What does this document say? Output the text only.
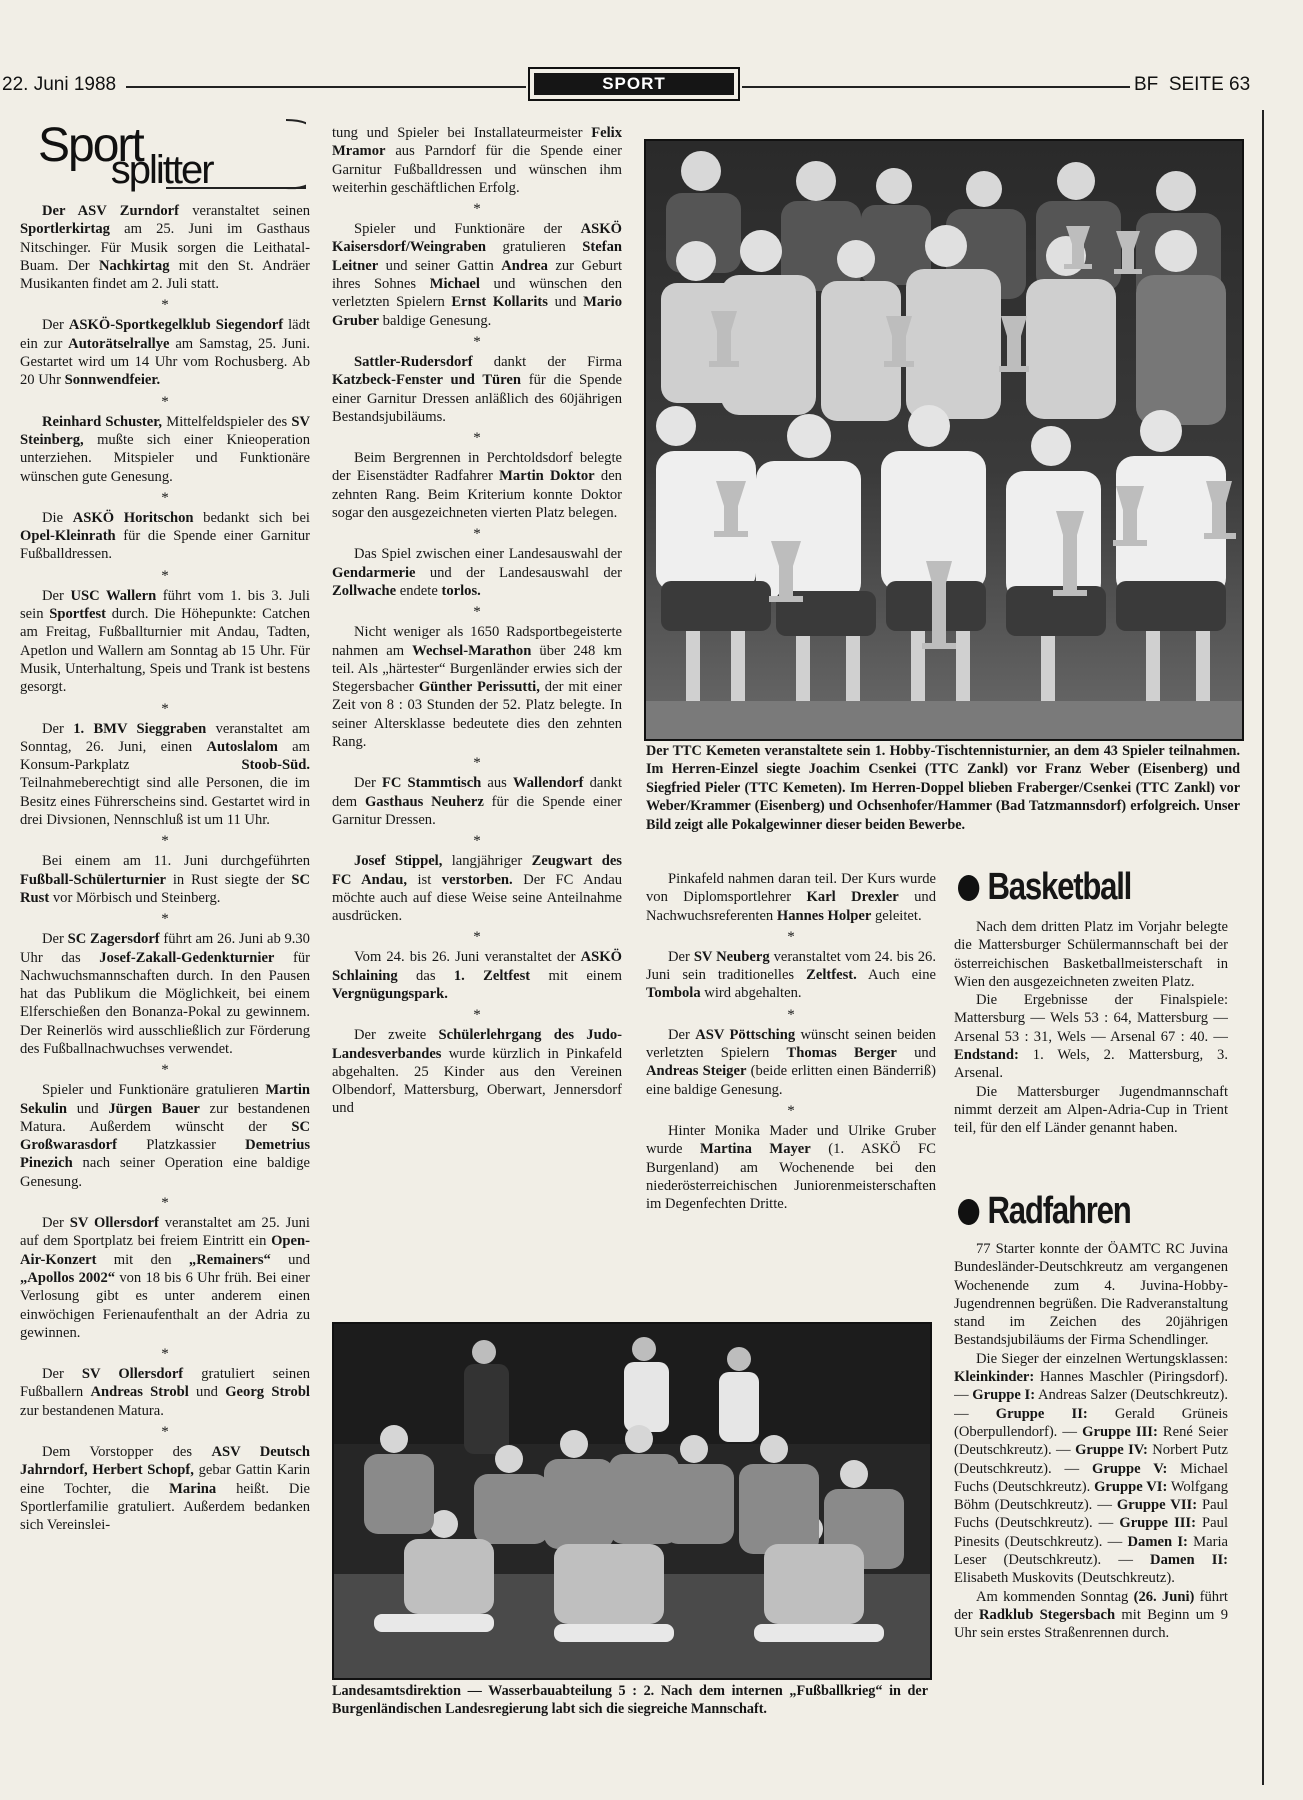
22. Juni 1988	SPORT	BF  SEITE 63
Sport$_{splitter}$

Der ASV Zurndorf veranstaltet seinen Sportlerkirtag am 25. Juni im Gasthaus Nitschinger. Für Musik sorgen die Leithatal-Buam. Der Nachkirtag mit den St. Andräer Musikanten findet am 2. Juli statt.

*

Der ASKÖ-Sportkegelklub Siegendorf lädt ein zur Autorätselrallye am Samstag, 25. Juni. Gestartet wird um 14 Uhr vom Rochusberg. Ab 20 Uhr Sonnwendfeier.

*

Reinhard Schuster, Mittelfeldspieler des SV Steinberg, mußte sich einer Knieoperation unterziehen. Mitspieler und Funktionäre wünschen gute Genesung.

*

Die ASKÖ Horitschon bedankt sich bei Opel-Kleinrath für die Spende einer Garnitur Fußballdressen.

*

Der USC Wallern führt vom 1. bis 3. Juli sein Sportfest durch. Die Höhepunkte: Catchen am Freitag, Fußballturnier mit Andau, Tadten, Apetlon und Wallern am Sonntag ab 15 Uhr. Für Musik, Unterhaltung, Speis und Trank ist bestens gesorgt.

*

Der 1. BMV Sieggraben veranstaltet am Sonntag, 26. Juni, einen Autoslalom am Konsum-Parkplatz Stoob-Süd. Teilnahmeberechtigt sind alle Personen, die im Besitz eines Führerscheins sind. Gestartet wird in drei Divsionen, Nennschluß ist um 11 Uhr.

*

Bei einem am 11. Juni durchgeführten Fußball-Schülerturnier in Rust siegte der SC Rust vor Mörbisch und Steinberg.

*

Der SC Zagersdorf führt am 26. Juni ab 9.30 Uhr das Josef-Zakall-Gedenkturnier für Nachwuchsmannschaften durch. In den Pausen hat das Publikum die Möglichkeit, bei einem Elferschießen den Bonanza-Pokal zu gewinnem. Der Reinerlös wird ausschließlich zur Förderung des Fußballnachwuchses verwendet.

*

Spieler und Funktionäre gratulieren Martin Sekulin und Jürgen Bauer zur bestandenen Matura. Außerdem wünscht der SC Großwarasdorf Platzkassier Demetrius Pinezich nach seiner Operation eine baldige Genesung.

*

Der SV Ollersdorf veranstaltet am 25. Juni auf dem Sportplatz bei freiem Eintritt ein Open-Air-Konzert mit den „Remainers“ und „Apollos 2002“ von 18 bis 6 Uhr früh. Bei einer Verlosung gibt es unter anderem einen einwöchigen Ferienaufenthalt an der Adria zu gewinnen.

*

Der SV Ollersdorf gratuliert seinen Fußballern Andreas Strobl und Georg Strobl zur bestandenen Matura.

*

Dem Vorstopper des ASV Deutsch Jahrndorf, Herbert Schopf, gebar Gattin Karin eine Tochter, die Marina heißt. Die Sportlerfamilie gratuliert. Außerdem bedanken sich Vereinslei-

tung und Spieler bei Installateurmeister Felix Mramor aus Parndorf für die Spende einer Garnitur Fußballdressen und wünschen ihm weiterhin geschäftlichen Erfolg.

*

Spieler und Funktionäre der ASKÖ Kaisersdorf/Weingraben gratulieren Stefan Leitner und seiner Gattin Andrea zur Geburt ihres Sohnes Michael und wünschen den verletzten Spielern Ernst Kollarits und Mario Gruber baldige Genesung.

*

Sattler-Rudersdorf dankt der Firma Katzbeck-Fenster und Türen für die Spende einer Garnitur Dressen anläßlich des 60jährigen Bestandsjubiläums.

*

Beim Bergrennen in Perchtoldsdorf belegte der Eisenstädter Radfahrer Martin Doktor den zehnten Rang. Beim Kriterium konnte Doktor sogar den ausgezeichneten vierten Platz belegen.

*

Das Spiel zwischen einer Landesauswahl der Gendarmerie und der Landesauswahl der Zollwache endete torlos.

*

Nicht weniger als 1650 Radsportbegeisterte nahmen am Wechsel-Marathon über 248 km teil. Als „härtester“ Burgenländer erwies sich der Stegersbacher Günther Perissutti, der mit einer Zeit von 8 : 03 Stunden der 52. Platz belegte. In seiner Altersklasse bedeutete dies den zehnten Rang.

*

Der FC Stammtisch aus Wallendorf dankt dem Gasthaus Neuherz für die Spende einer Garnitur Dressen.

*

Josef Stippel, langjähriger Zeugwart des FC Andau, ist verstorben. Der FC Andau möchte auch auf diese Weise seine Anteilnahme ausdrücken.

*

Vom 24. bis 26. Juni veranstaltet der ASKÖ Schlaining das 1. Zeltfest mit einem Vergnügungspark.

*

Der zweite Schülerlehrgang des Judo-Landesverbandes wurde kürzlich in Pinkafeld abgehalten. 25 Kinder aus den Vereinen Olbendorf, Mattersburg, Oberwart, Jennersdorf und

Der TTC Kemeten veranstaltete sein 1. Hobby-Tischtennisturnier, an dem 43 Spieler teilnahmen. Im Herren-Einzel siegte Joachim Csenkei (TTC Zankl) vor Franz Weber (Eisenberg) und Siegfried Pieler (TTC Kemeten). Im Herren-Doppel blieben Fraberger/Csenkei (TTC Zankl) vor Weber/Krammer (Eisenberg) und Ochsenhofer/Hammer (Bad Tatzmannsdorf) erfolgreich. Unser Bild zeigt alle Pokalgewinner dieser beiden Bewerbe.

Pinkafeld nahmen daran teil. Der Kurs wurde von Diplomsportlehrer Karl Drexler und Nachwuchsreferenten Hannes Holper geleitet.

*

Der SV Neuberg veranstaltet vom 24. bis 26. Juni sein traditionelles Zeltfest. Auch eine Tombola wird abgehalten.

*

Der ASV Pöttsching wünscht seinen beiden verletzten Spielern Thomas Berger und Andreas Steiger (beide erlitten einen Bänderriß) eine baldige Genesung.

*

Hinter Monika Mader und Ulrike Gruber wurde Martina Mayer (1. ASKÖ FC Burgenland) am Wochenende bei den niederösterreichischen Juniorenmeisterschaften im Degenfechten Dritte.

Basketball

Nach dem dritten Platz im Vorjahr belegte die Mattersburger Schülermannschaft bei der österreichischen Basketballmeisterschaft in Wien den ausgezeichneten zweiten Platz.

Die Ergebnisse der Finalspiele: Mattersburg — Wels 53 : 64, Mattersburg — Arsenal 53 : 31, Wels — Arsenal 67 : 40. — Endstand: 1. Wels, 2. Mattersburg, 3. Arsenal.

Die Mattersburger Jugendmannschaft nimmt derzeit am Alpen-Adria-Cup in Trient teil, für den elf Länder genannt haben.

Radfahren

77 Starter konnte der ÖAMTC RC Juvina Bundesländer-Deutschkreutz am vergangenen Wochenende zum 4. Juvina-Hobby-Jugendrennen begrüßen. Die Radveranstaltung stand im Zeichen des 20jährigen Bestandsjubiläums der Firma Schendlinger.

Die Sieger der einzelnen Wertungsklassen: Kleinkinder: Hannes Maschler (Piringsdorf). — Gruppe I: Andreas Salzer (Deutschkreutz). — Gruppe II: Gerald Grüneis (Oberpullendorf). — Gruppe III: René Seier (Deutschkreutz). — Gruppe IV: Norbert Putz (Deutschkreutz). — Gruppe V: Michael Fuchs (Deutschkreutz). Gruppe VI: Wolfgang Böhm (Deutschkreutz). — Gruppe VII: Paul Fuchs (Deutschkreutz). — Gruppe III: Paul Pinesits (Deutschkreutz). — Damen I: Maria Leser (Deutschkreutz). — Damen II: Elisabeth Muskovits (Deutschkreutz).

Am kommenden Sonntag (26. Juni) führt der Radklub Stegersbach mit Beginn um 9 Uhr sein erstes Straßenrennen durch.

Landesamtsdirektion — Wasserbauabteilung 5 : 2. Nach dem internen „Fußballkrieg“ in der Burgenländischen Landesregierung labt sich die siegreiche Mannschaft.
